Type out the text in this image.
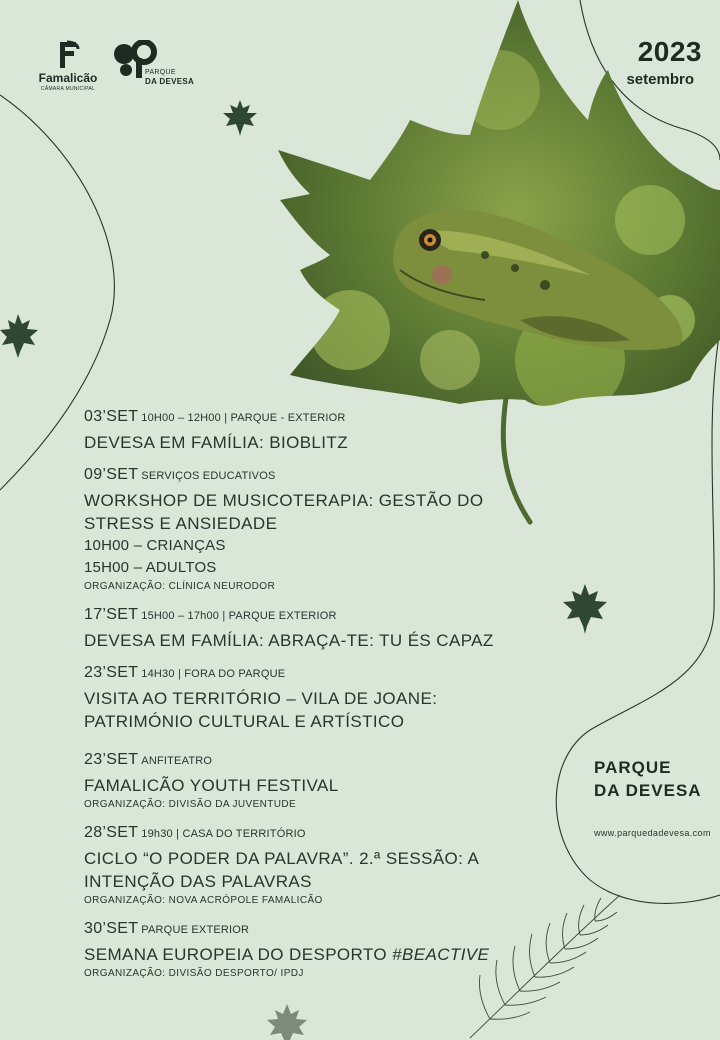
Famalicão
CÂMARA MUNICIPAL
PARQUE
DA DEVESA
2023
setembro
03’SET 10H00 – 12H00 | PARQUE - EXTERIOR
DEVESA EM FAMÍLIA: BIOBLITZ
09’SET SERVIÇOS EDUCATIVOS
WORKSHOP DE MUSICOTERAPIA: GESTÃO DO STRESS E ANSIEDADE
10H00 – CRIANÇAS
15H00 – ADULTOS
ORGANIZAÇÃO: CLÍNICA NEURODOR
17’SET 15H00 – 17h00 | PARQUE EXTERIOR
DEVESA EM FAMÍLIA: ABRAÇA-TE: TU ÉS CAPAZ
23’SET 14H30 | FORA DO PARQUE
VISITA AO TERRITÓRIO – VILA DE JOANE: PATRIMÓNIO CULTURAL E ARTÍSTICO
23’SET ANFITEATRO
FAMALICÃO YOUTH FESTIVAL
ORGANIZAÇÃO: DIVISÃO DA JUVENTUDE
28’SET 19h30 | CASA DO TERRITÓRIO
CICLO “O PODER DA PALAVRA”. 2.ª SESSÃO: A INTENÇÃO DAS PALAVRAS
ORGANIZAÇÃO: NOVA ACRÓPOLE FAMALICÃO
30’SET PARQUE EXTERIOR
SEMANA EUROPEIA DO DESPORTO #BEACTIVE
ORGANIZAÇÃO: DIVISÃO DESPORTO/ IPDJ
PARQUE
DA DEVESA
www.parquedadevesa.com
